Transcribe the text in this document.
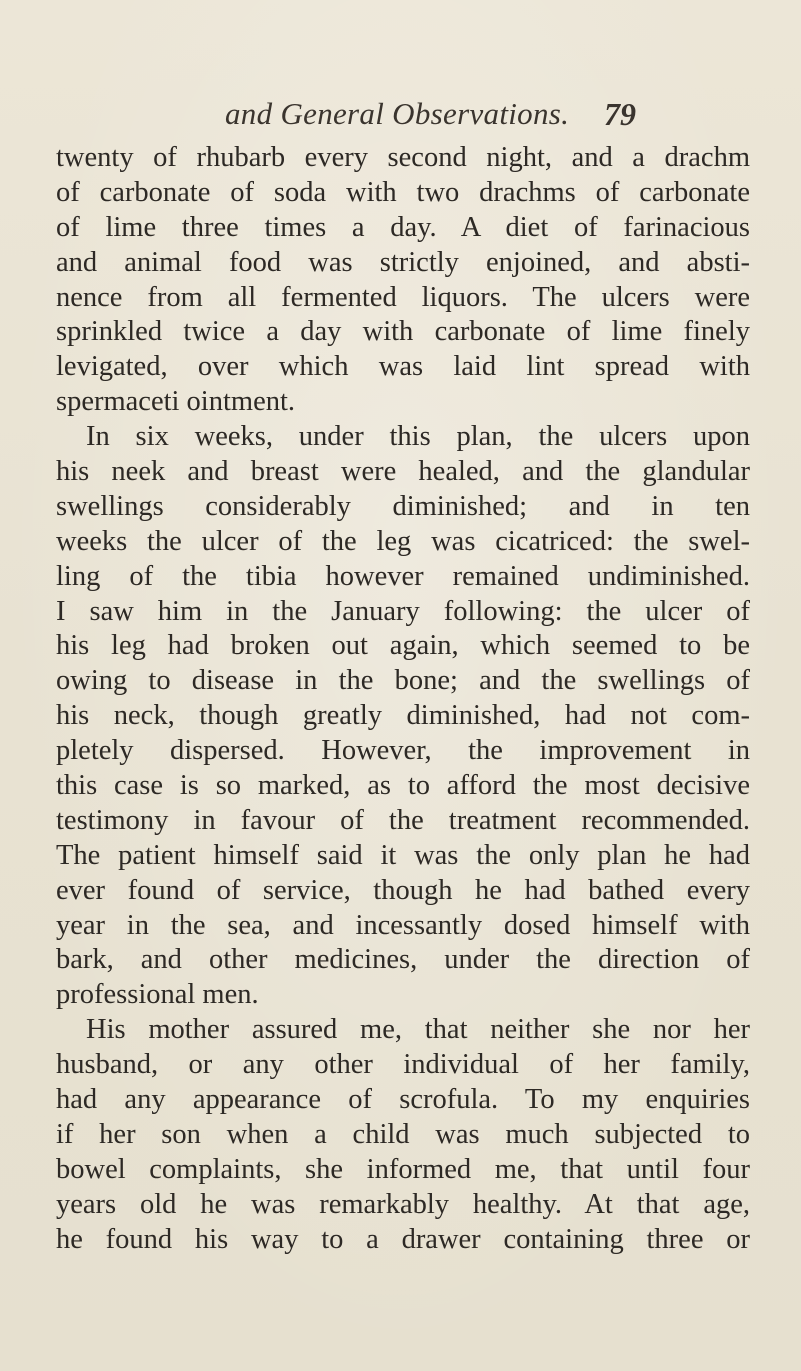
and General Observations. 79
twenty of rhubarb every second night, and a drachm
of carbonate of soda with two drachms of carbonate
of lime three times a day. A diet of farinacious
and animal food was strictly enjoined, and absti-
nence from all fermented liquors. The ulcers were
sprinkled twice a day with carbonate of lime finely
levigated, over which was laid lint spread with
spermaceti ointment.
In six weeks, under this plan, the ulcers upon
his neek and breast were healed, and the glandular
swellings considerably diminished; and in ten
weeks the ulcer of the leg was cicatriced: the swel-
ling of the tibia however remained undiminished.
I saw him in the January following: the ulcer of
his leg had broken out again, which seemed to be
owing to disease in the bone; and the swellings of
his neck, though greatly diminished, had not com-
pletely dispersed. However, the improvement in
this case is so marked, as to afford the most decisive
testimony in favour of the treatment recommended.
The patient himself said it was the only plan he had
ever found of service, though he had bathed every
year in the sea, and incessantly dosed himself with
bark, and other medicines, under the direction of
professional men.
His mother assured me, that neither she nor her
husband, or any other individual of her family,
had any appearance of scrofula. To my enquiries
if her son when a child was much subjected to
bowel complaints, she informed me, that until four
years old he was remarkably healthy. At that age,
he found his way to a drawer containing three or
